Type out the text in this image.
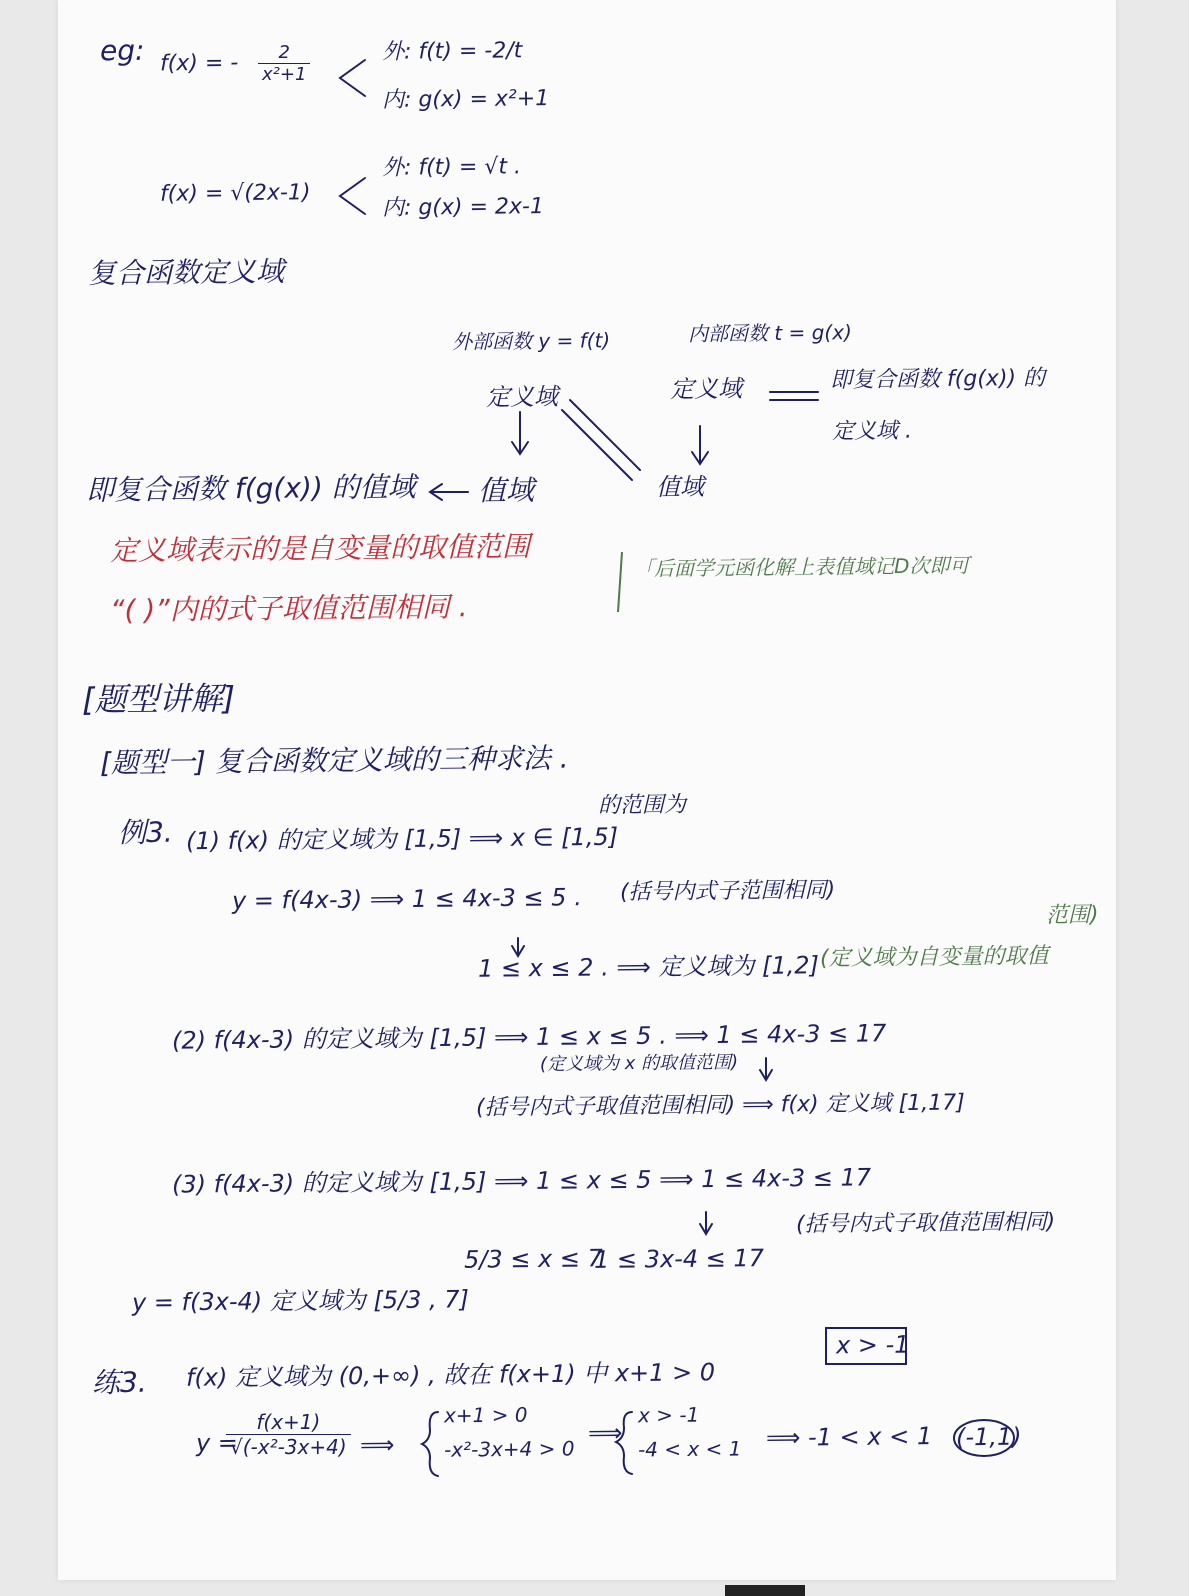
eg: f(x) = - $\frac{2}{\text{x²+1}}$	外: f(t) = -2/t
内: g(x) = x²+1
f(x) = √(2x-1)
外: f(t) = √t .
内: g(x) = 2x-1
复合函数定义域
外部函数 y = f(t)	内部函数 t = g(x)
定义域	定义域	即复合函数 f(g(x)) 的
定义域 .
即复合函数 f(g(x)) 的值域 值域	值域
定义域表示的是自变量的取值范围
“( )”内的式子取值范围相同 .
「后面学元函化解上表值域记D次即可
[题型讲解]
[题型一] 复合函数定义域的三种求法 .
例3.
的范围为
(1) f(x) 的定义域为 [1,5] ⟹ x ∈ [1,5]
y = f(4x-3) ⟹ 1 ≤ 4x-3 ≤ 5 . (括号内式子范围相同)
1 ≤ x ≤ 2 . ⟹ 定义域为 [1,2] (定义域为自变量的取值
范围)
(2) f(4x-3) 的定义域为 [1,5] ⟹ 1 ≤ x ≤ 5 . ⟹ 1 ≤ 4x-3 ≤ 17
(定义域为 x 的取值范围)
(括号内式子取值范围相同) ⟹ f(x) 定义域 [1,17]
(3) f(4x-3) 的定义域为 [1,5] ⟹ 1 ≤ x ≤ 5 ⟹ 1 ≤ 4x-3 ≤ 17
(括号内式子取值范围相同)
1 ≤ 3x-4 ≤ 17
5/3 ≤ x ≤ 7
y = f(3x-4) 定义域为 [5/3 , 7]
练3. f(x) 定义域为 (0,+∞) , 故在 f(x+1) 中 x+1 > 0
x > -1
y =
$\frac{f(x+1)}{\text{√(-x²-3x+4)}}$ ⟹
x+1 > 0
-x²-3x+4 > 0
⟹
x > -1
-4 < x < 1 ⟹ -1 < x < 1 (-1,1)
